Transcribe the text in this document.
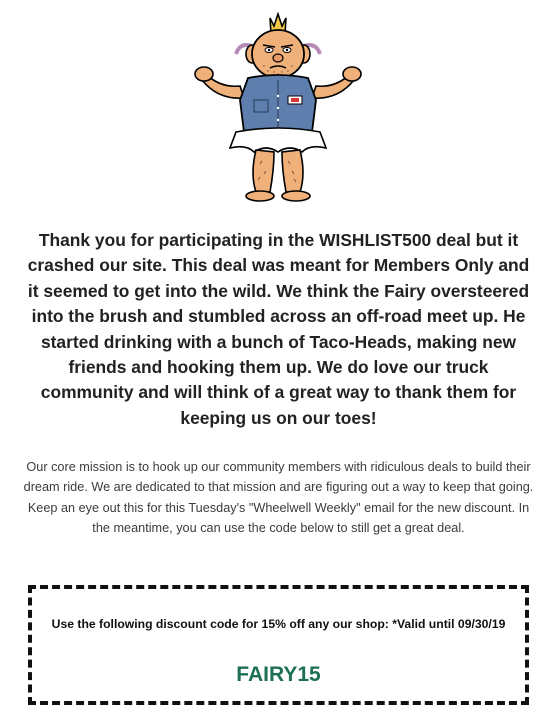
Thank you for participating in the WISHLIST500 deal but it crashed our site. This deal was meant for Members Only and it seemed to get into the wild. We think the Fairy oversteered into the brush and stumbled across an off-road meet up. He started drinking with a bunch of Taco-Heads, making new friends and hooking them up. We do love our truck community and will think of a great way to thank them for keeping us on our toes!

Our core mission is to hook up our community members with ridiculous deals to build their dream ride. We are dedicated to that mission and are figuring out a way to keep that going. Keep an eye out this for this Tuesday's "Wheelwell Weekly" email for the new discount. In the meantime, you can use the code below to still get a great deal.

Use the following discount code for 15% off any our shop: *Valid until 09/30/19

FAIRY15
